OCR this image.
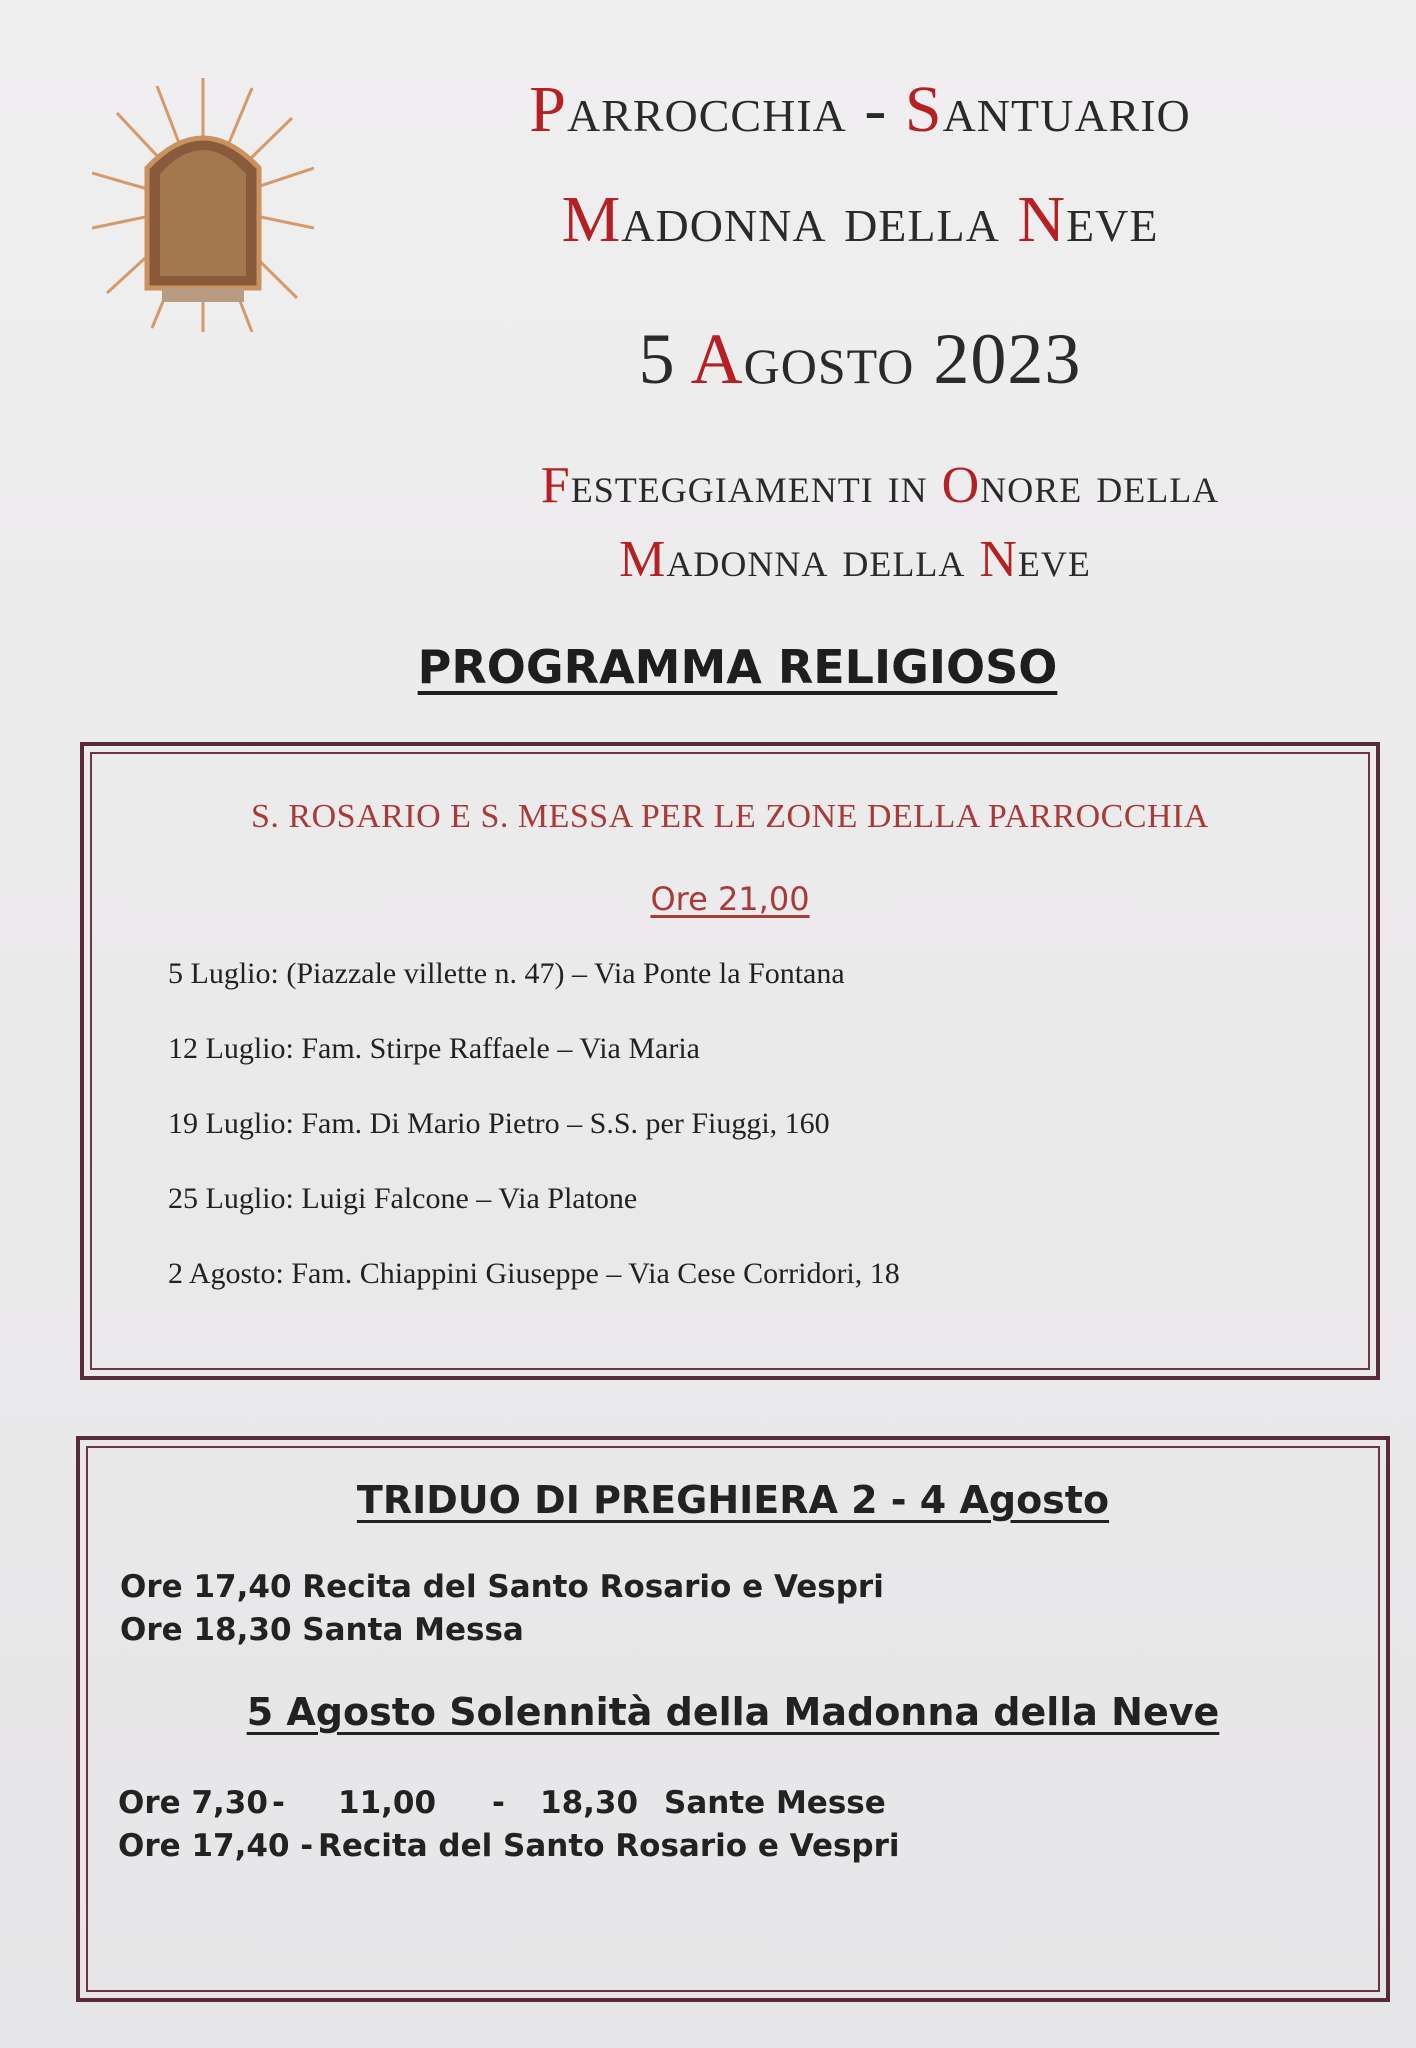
Parrocchia - Santuario
Madonna della Neve
5 Agosto 2023
Festeggiamenti in Onore della
Madonna della Neve
PROGRAMMA RELIGIOSO
S. ROSARIO E S. MESSA PER LE ZONE DELLA PARROCCHIA
Ore 21,00
5 Luglio: (Piazzale villette n. 47) – Via Ponte la Fontana
12 Luglio: Fam. Stirpe Raffaele – Via Maria
19 Luglio: Fam. Di Mario Pietro – S.S. per Fiuggi, 160
25 Luglio: Luigi Falcone – Via Platone
2 Agosto: Fam. Chiappini Giuseppe – Via Cese Corridori, 18
TRIDUO DI PREGHIERA 2 - 4 Agosto
Ore 17,40 Recita del Santo Rosario e Vespri
Ore 18,30 Santa Messa
5 Agosto Solennità della Madonna della Neve
Ore 7,30 -	11,00	-	18,30 Sante Messe
Ore 17,40 - Recita del Santo Rosario e Vespri
